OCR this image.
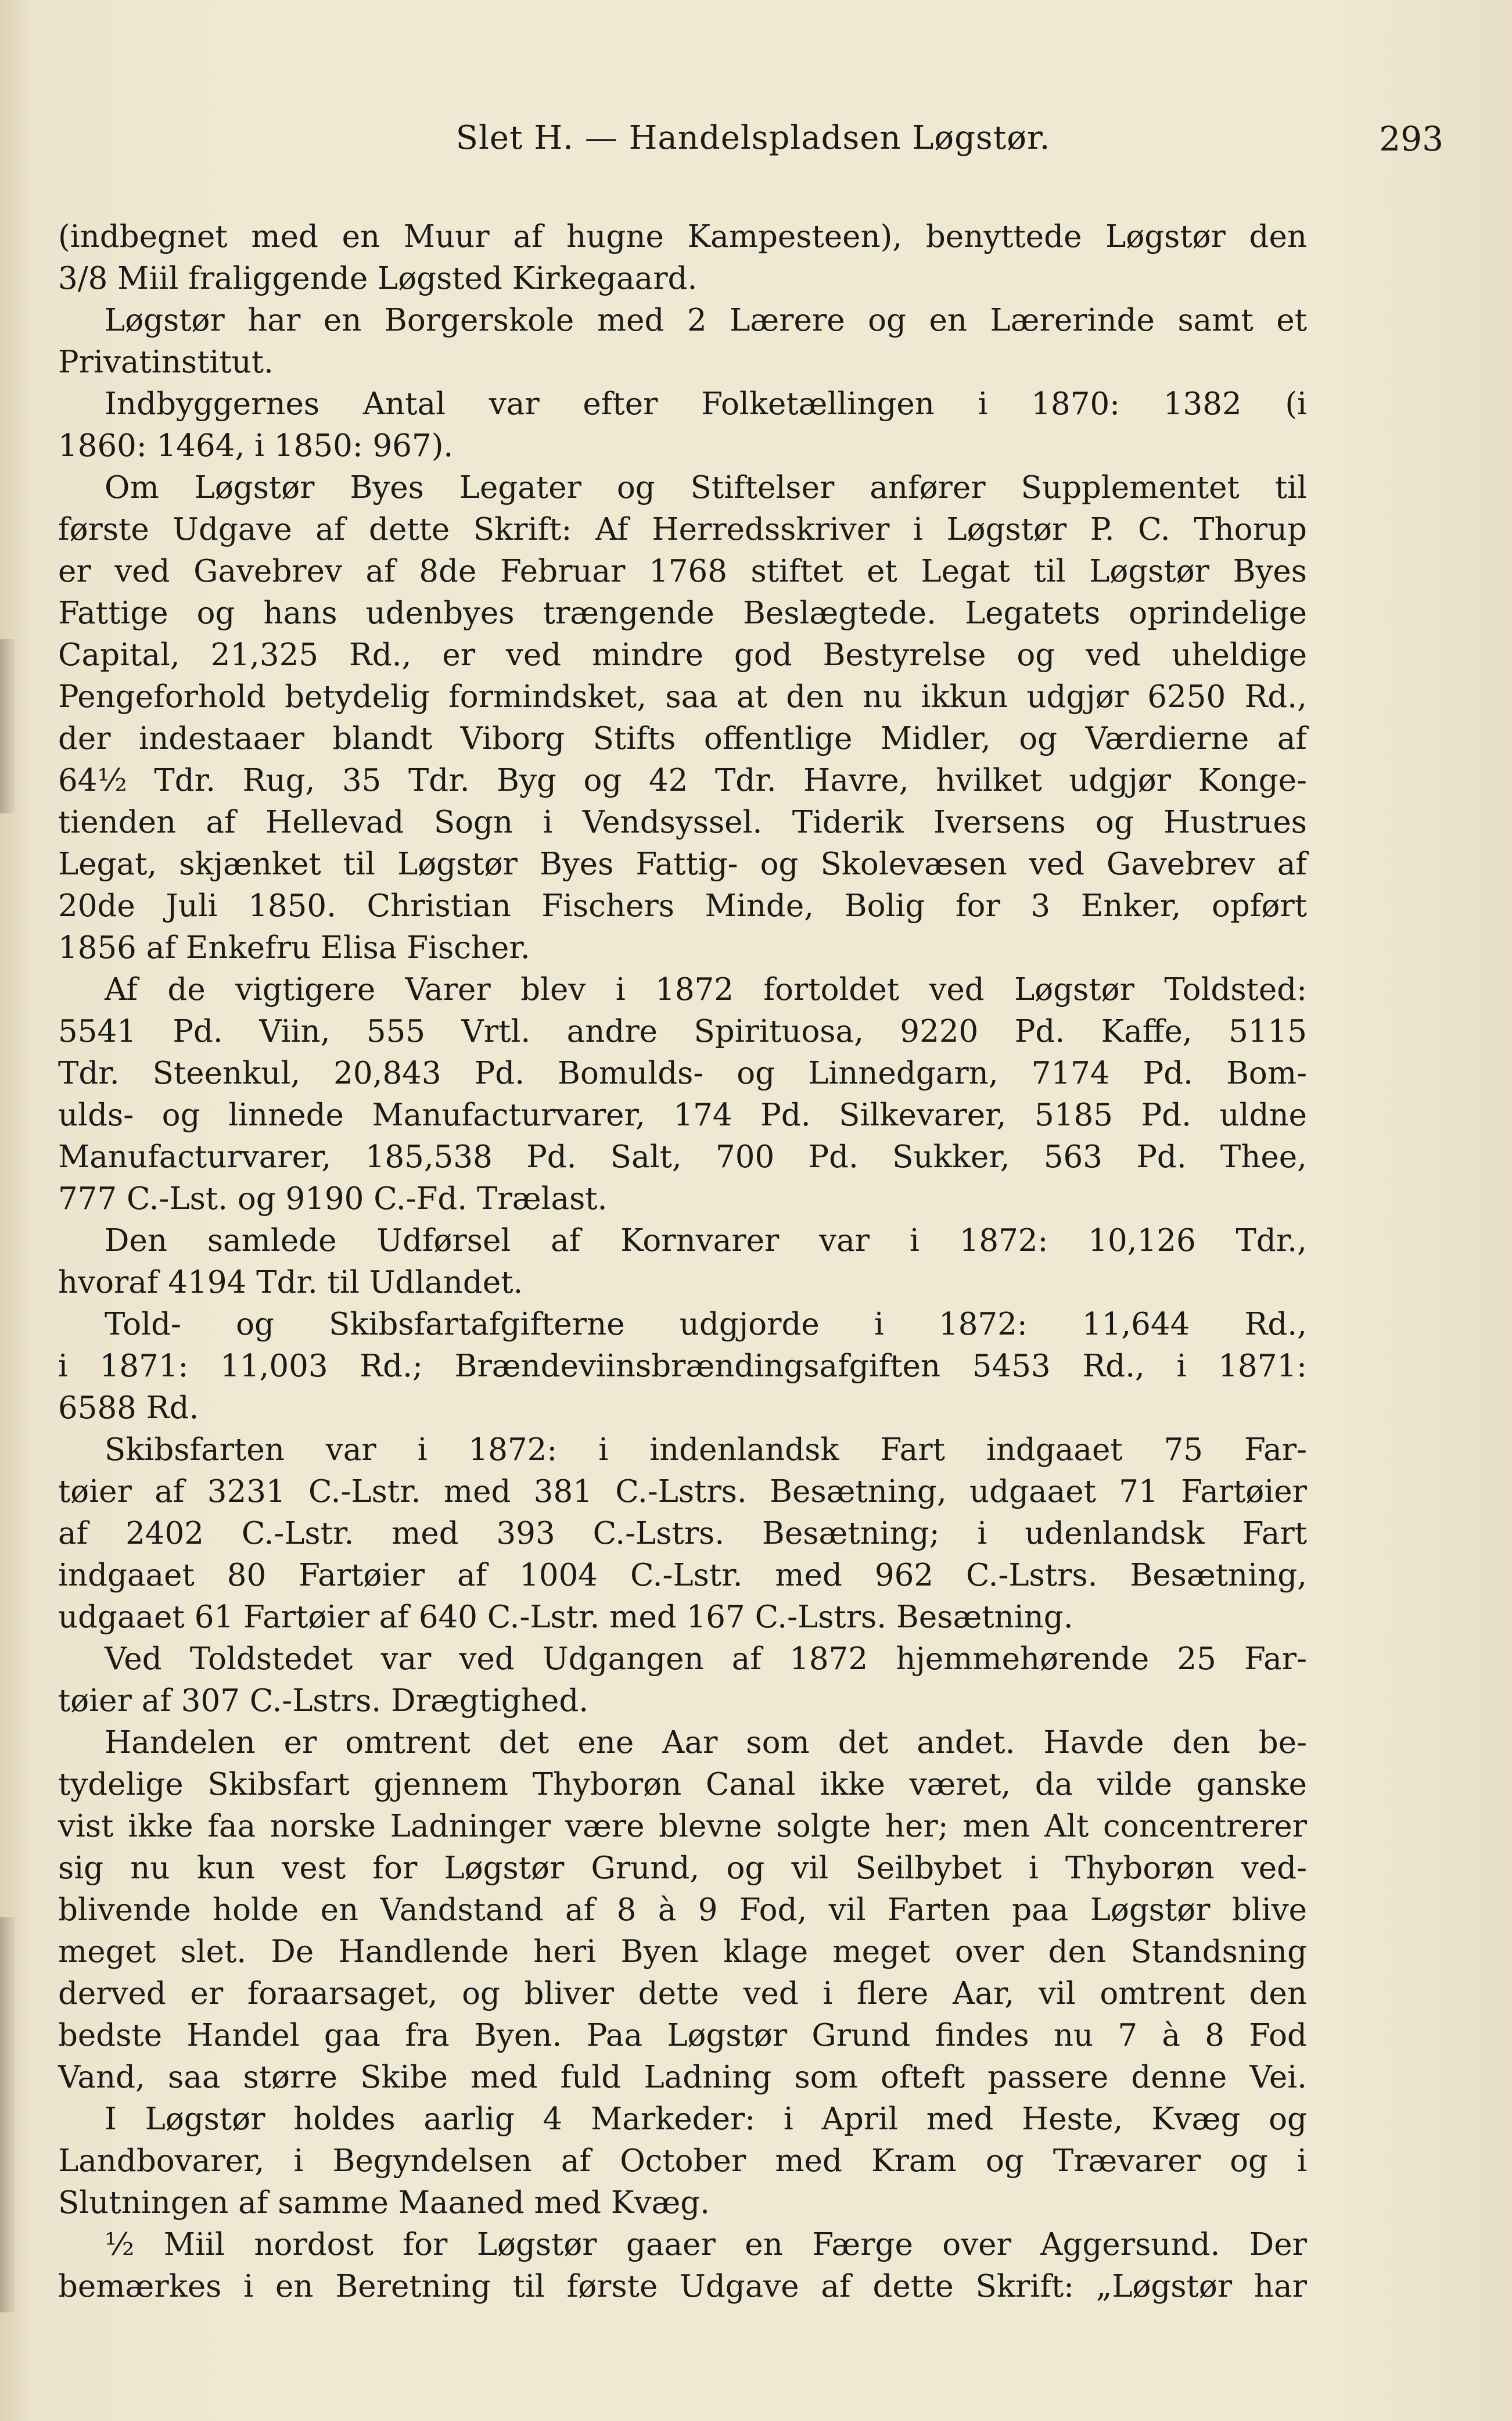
Slet H. — Handelspladsen Løgstør.	293
(indbegnet med en Muur af hugne Kampesteen), benyttede Løgstør den
3/8 Miil fraliggende Løgsted Kirkegaard.
Løgstør har en Borgerskole med 2 Lærere og en Lærerinde samt et
Privatinstitut.
Indbyggernes Antal var efter Folketællingen i 1870: 1382 (i
1860: 1464, i 1850: 967).
Om Løgstør Byes Legater og Stiftelser anfører Supplementet til
første Udgave af dette Skrift: Af Herredsskriver i Løgstør P. C. Thorup
er ved Gavebrev af 8de Februar 1768 stiftet et Legat til Løgstør Byes
Fattige og hans udenbyes trængende Beslægtede. Legatets oprindelige
Capital, 21,325 Rd., er ved mindre god Bestyrelse og ved uheldige
Pengeforhold betydelig formindsket, saa at den nu ikkun udgjør 6250 Rd.,
der indestaaer blandt Viborg Stifts offentlige Midler, og Værdierne af
64½ Tdr. Rug, 35 Tdr. Byg og 42 Tdr. Havre, hvilket udgjør Konge-
tienden af Hellevad Sogn i Vendsyssel. Tiderik Iversens og Hustrues
Legat, skjænket til Løgstør Byes Fattig- og Skolevæsen ved Gavebrev af
20de Juli 1850. Christian Fischers Minde, Bolig for 3 Enker, opført
1856 af Enkefru Elisa Fischer.
Af de vigtigere Varer blev i 1872 fortoldet ved Løgstør Toldsted:
5541 Pd. Viin, 555 Vrtl. andre Spirituosa, 9220 Pd. Kaffe, 5115
Tdr. Steenkul, 20,843 Pd. Bomulds- og Linnedgarn, 7174 Pd. Bom-
ulds- og linnede Manufacturvarer, 174 Pd. Silkevarer, 5185 Pd. uldne
Manufacturvarer, 185,538 Pd. Salt, 700 Pd. Sukker, 563 Pd. Thee,
777 C.-Lst. og 9190 C.-Fd. Trælast.
Den samlede Udførsel af Kornvarer var i 1872: 10,126 Tdr.,
hvoraf 4194 Tdr. til Udlandet.
Told- og Skibsfartafgifterne udgjorde i 1872: 11,644 Rd.,
i 1871: 11,003 Rd.; Brændeviinsbrændingsafgiften 5453 Rd., i 1871:
6588 Rd.
Skibsfarten var i 1872: i indenlandsk Fart indgaaet 75 Far-
tøier af 3231 C.-Lstr. med 381 C.-Lstrs. Besætning, udgaaet 71 Fartøier
af 2402 C.-Lstr. med 393 C.-Lstrs. Besætning; i udenlandsk Fart
indgaaet 80 Fartøier af 1004 C.-Lstr. med 962 C.-Lstrs. Besætning,
udgaaet 61 Fartøier af 640 C.-Lstr. med 167 C.-Lstrs. Besætning.
Ved Toldstedet var ved Udgangen af 1872 hjemmehørende 25 Far-
tøier af 307 C.-Lstrs. Drægtighed.
Handelen er omtrent det ene Aar som det andet. Havde den be-
tydelige Skibsfart gjennem Thyborøn Canal ikke været, da vilde ganske
vist ikke faa norske Ladninger være blevne solgte her; men Alt concentrerer
sig nu kun vest for Løgstør Grund, og vil Seilbybet i Thyborøn ved-
blivende holde en Vandstand af 8 à 9 Fod, vil Farten paa Løgstør blive
meget slet. De Handlende heri Byen klage meget over den Standsning
derved er foraarsaget, og bliver dette ved i flere Aar, vil omtrent den
bedste Handel gaa fra Byen. Paa Løgstør Grund findes nu 7 à 8 Fod
Vand, saa større Skibe med fuld Ladning som ofteft passere denne Vei.
I Løgstør holdes aarlig 4 Markeder: i April med Heste, Kvæg og
Landbovarer, i Begyndelsen af October med Kram og Trævarer og i
Slutningen af samme Maaned med Kvæg.
½ Miil nordost for Løgstør gaaer en Færge over Aggersund. Der
bemærkes i en Beretning til første Udgave af dette Skrift: „Løgstør har
